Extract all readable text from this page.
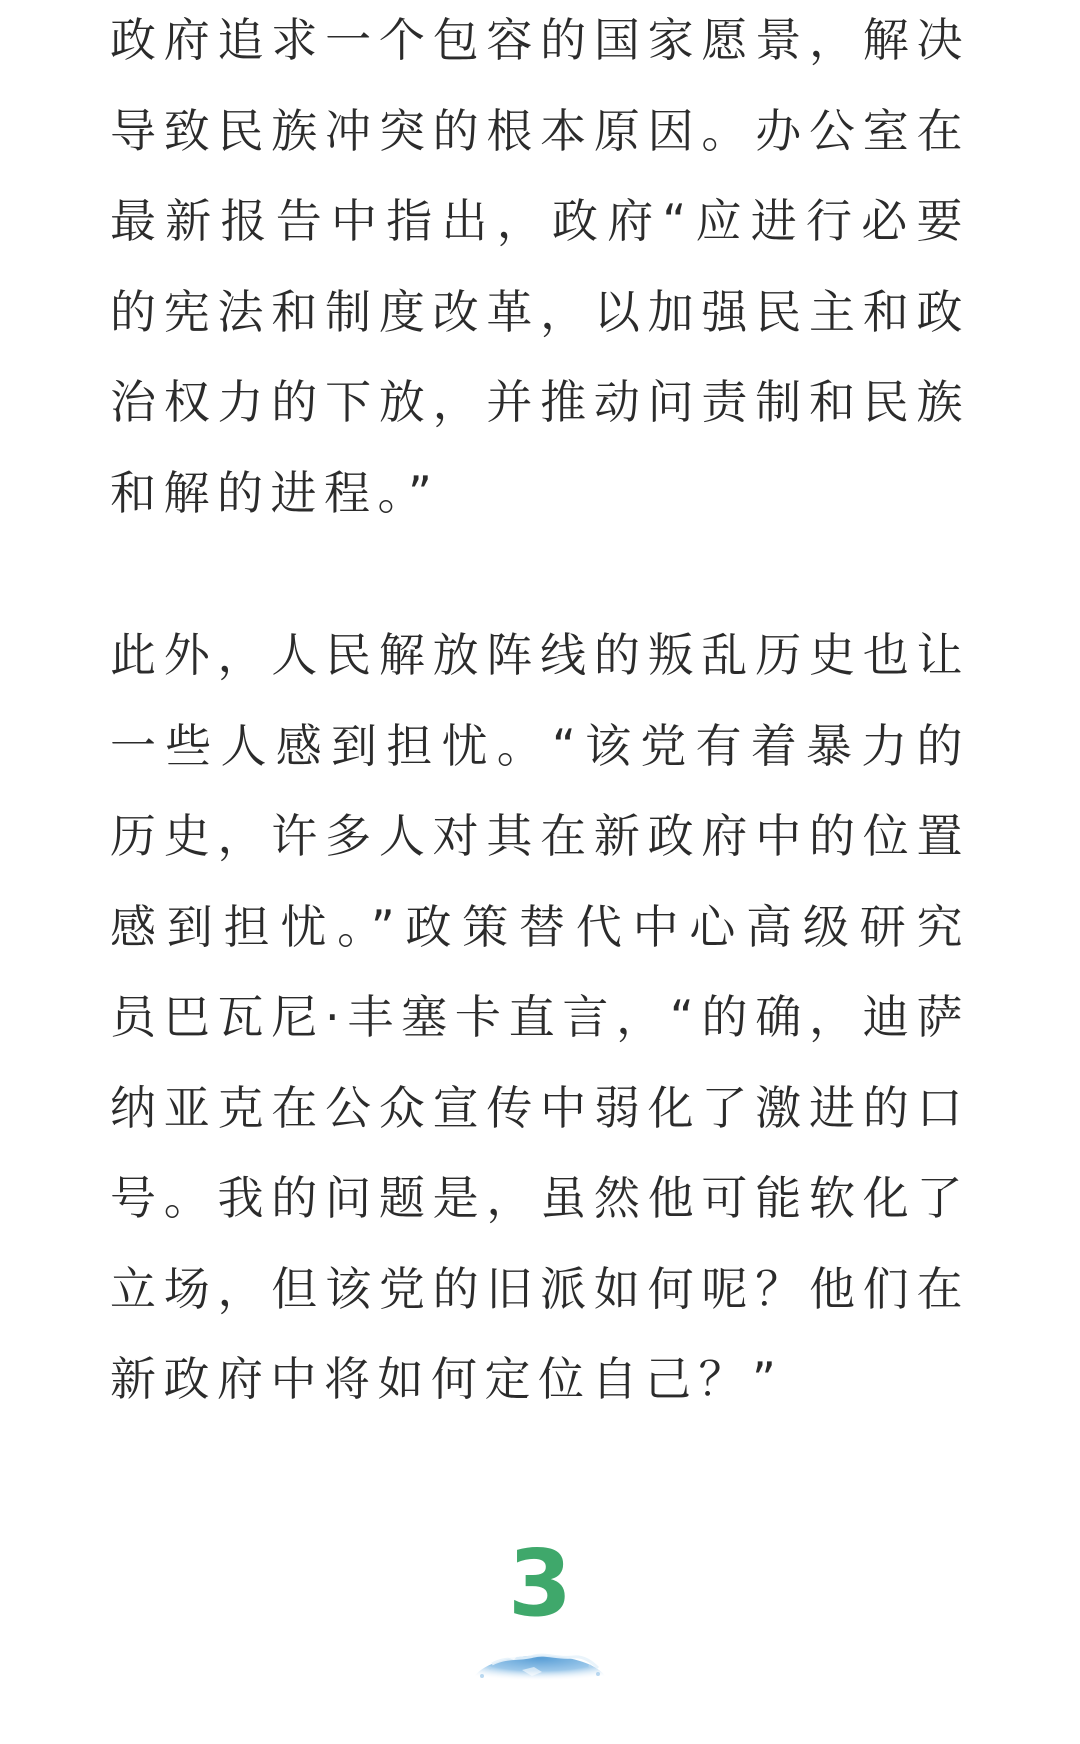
政府追求一个包容的国家愿景，解决导致民族冲突的根本原因。办公室在最新报告中指出，政府“应进行必要的宪法和制度改革，以加强民主和政治权力的下放，并推动问责制和民族和解的进程。”

此外，人民解放阵线的叛乱历史也让一些人感到担忧。“该党有着暴力的历史，许多人对其在新政府中的位置感到担忧。”政策替代中心高级研究员巴瓦尼·丰塞卡直言，“的确，迪萨纳亚克在公众宣传中弱化了激进的口号。我的问题是，虽然他可能软化了立场，但该党的旧派如何呢？他们在新政府中将如何定位自己？”

3
